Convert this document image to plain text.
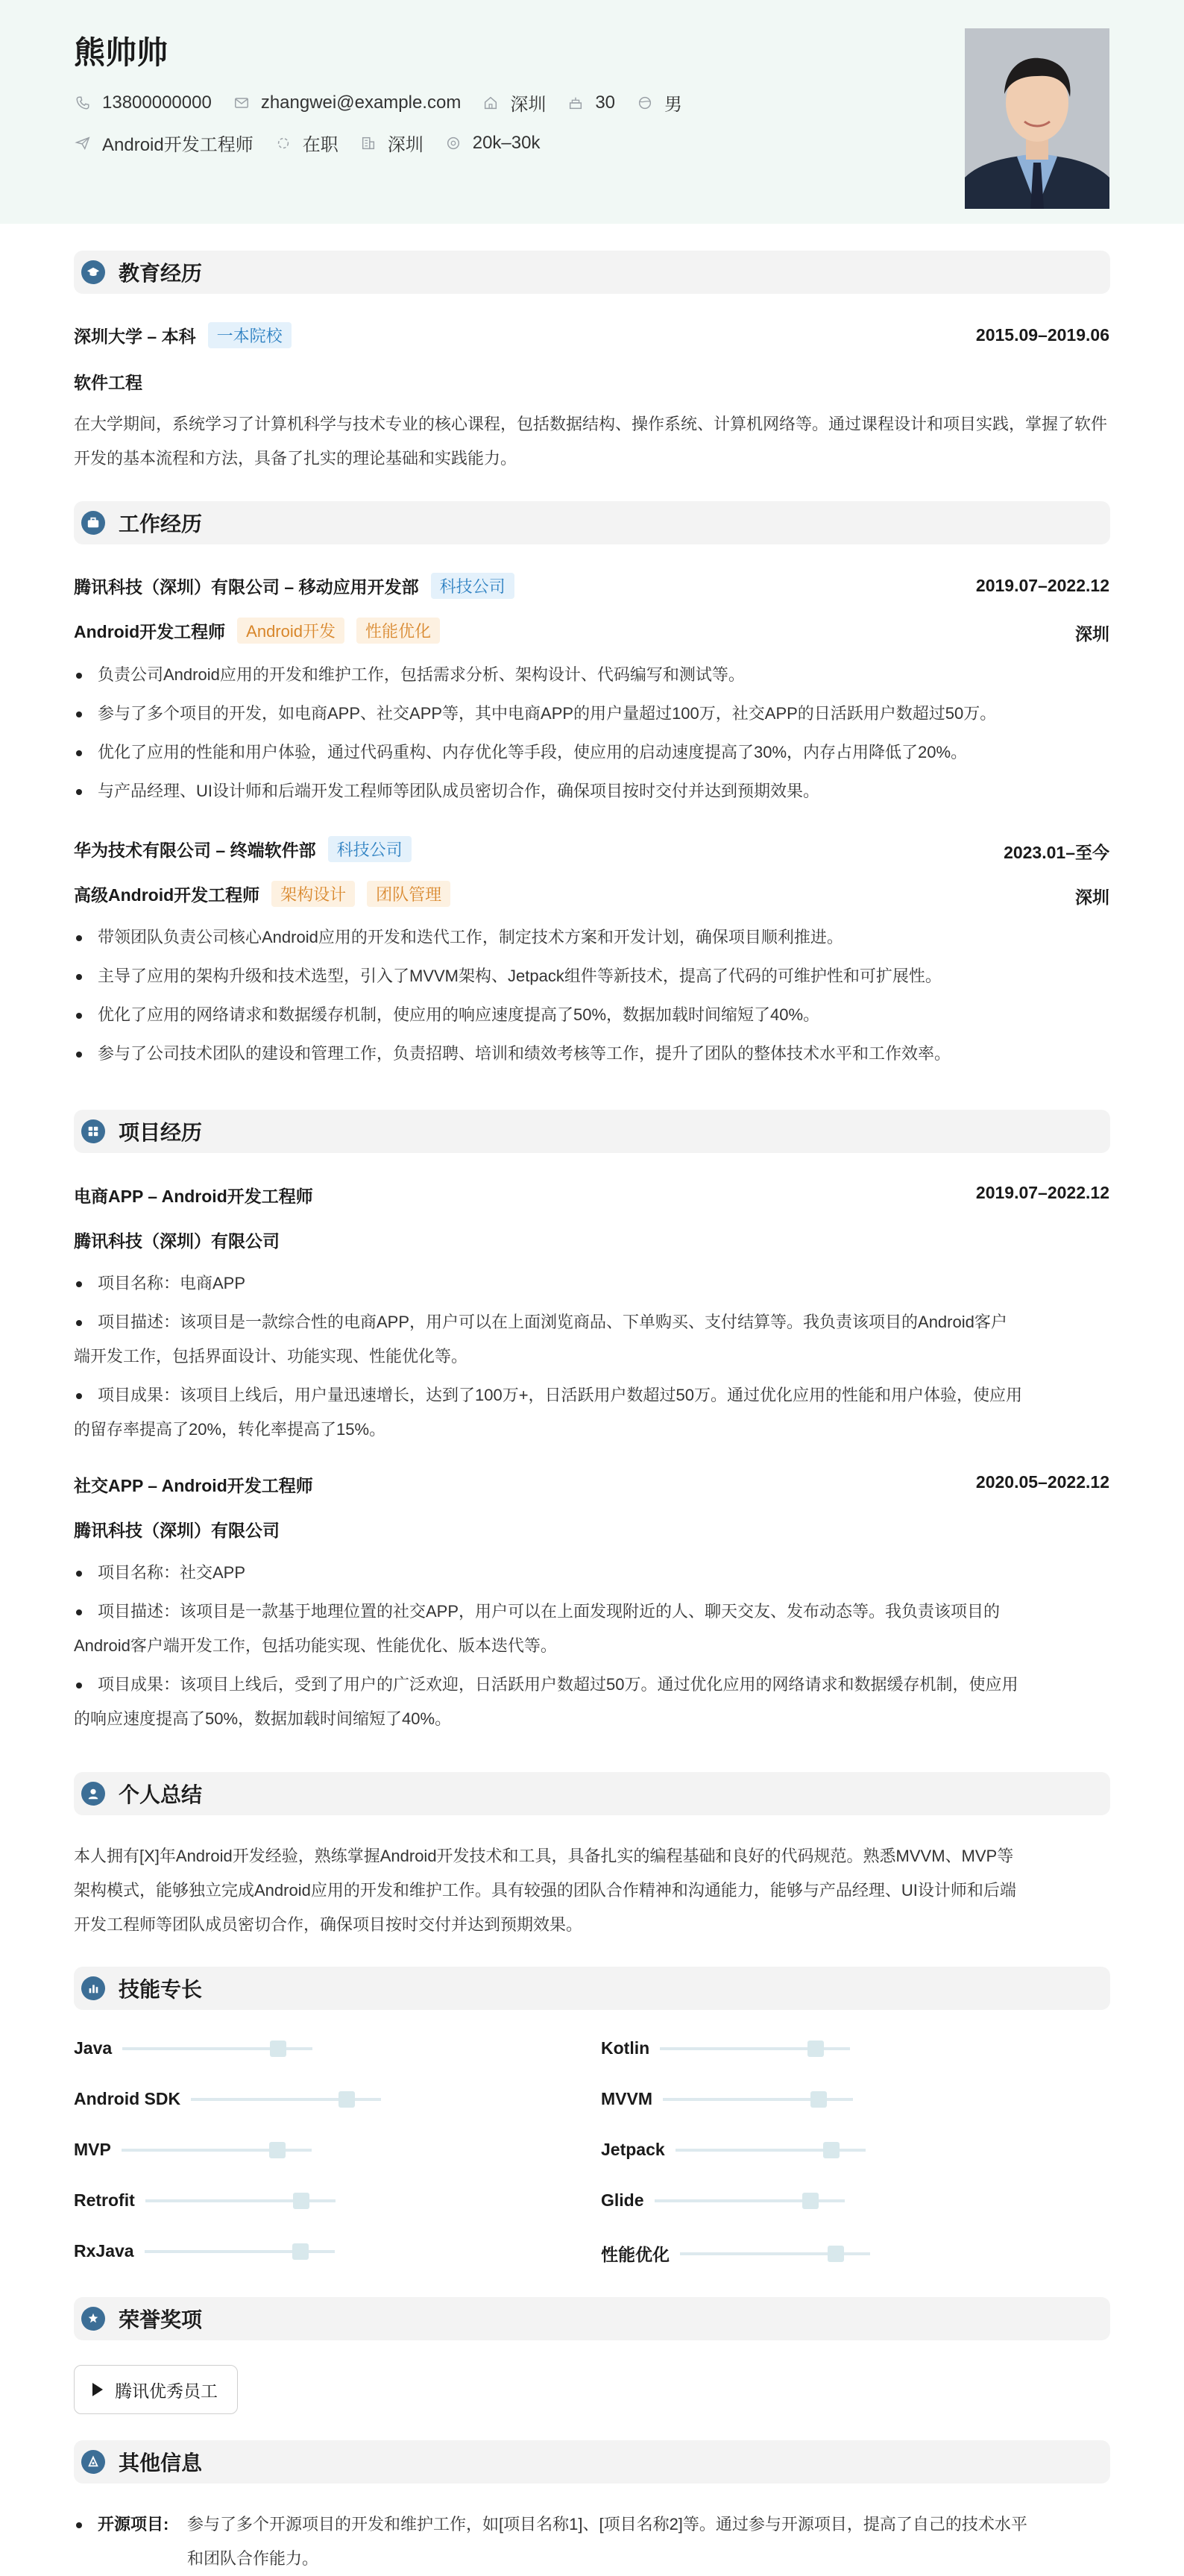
熊帅帅
13800000000	zhangwei@example.com	深圳	30	男
Android开发工程师	在职	深圳	20k–30k
教育经历
深圳大学 – 本科	一本院校	2015.09–2019.06
软件工程
在大学期间，系统学习了计算机科学与技术专业的核心课程，包括数据结构、操作系统、计算机网络等。通过课程设计和项目实践，掌握了软件开发的基本流程和方法，具备了扎实的理论基础和实践能力。
工作经历
腾讯科技（深圳）有限公司 – 移动应用开发部	科技公司	2019.07–2022.12
Android开发工程师	Android开发	性能优化	深圳
负责公司Android应用的开发和维护工作，包括需求分析、架构设计、代码编写和测试等。
参与了多个项目的开发，如电商APP、社交APP等，其中电商APP的用户量超过100万，社交APP的日活跃用户数超过50万。
优化了应用的性能和用户体验，通过代码重构、内存优化等手段，使应用的启动速度提高了30%，内存占用降低了20%。
与产品经理、UI设计师和后端开发工程师等团队成员密切合作，确保项目按时交付并达到预期效果。
华为技术有限公司 – 终端软件部	科技公司	2023.01–至今
高级Android开发工程师	架构设计	团队管理	深圳
带领团队负责公司核心Android应用的开发和迭代工作，制定技术方案和开发计划，确保项目顺利推进。
主导了应用的架构升级和技术选型，引入了MVVM架构、Jetpack组件等新技术，提高了代码的可维护性和可扩展性。
优化了应用的网络请求和数据缓存机制，使应用的响应速度提高了50%，数据加载时间缩短了40%。
参与了公司技术团队的建设和管理工作，负责招聘、培训和绩效考核等工作，提升了团队的整体技术水平和工作效率。
项目经历
电商APP – Android开发工程师	2019.07–2022.12
腾讯科技（深圳）有限公司
项目名称：电商APP
项目描述：该项目是一款综合性的电商APP，用户可以在上面浏览商品、下单购买、支付结算等。我负责该项目的Android客户
端开发工作，包括界面设计、功能实现、性能优化等。
项目成果：该项目上线后，用户量迅速增长，达到了100万+，日活跃用户数超过50万。通过优化应用的性能和用户体验，使应用
的留存率提高了20%，转化率提高了15%。
社交APP – Android开发工程师	2020.05–2022.12
腾讯科技（深圳）有限公司
项目名称：社交APP
项目描述：该项目是一款基于地理位置的社交APP，用户可以在上面发现附近的人、聊天交友、发布动态等。我负责该项目的
Android客户端开发工作，包括功能实现、性能优化、版本迭代等。
项目成果：该项目上线后，受到了用户的广泛欢迎，日活跃用户数超过50万。通过优化应用的网络请求和数据缓存机制，使应用
的响应速度提高了50%，数据加载时间缩短了40%。
个人总结
本人拥有[X]年Android开发经验，熟练掌握Android开发技术和工具，具备扎实的编程基础和良好的代码规范。熟悉MVVM、MVP等
架构模式，能够独立完成Android应用的开发和维护工作。具有较强的团队合作精神和沟通能力，能够与产品经理、UI设计师和后端
开发工程师等团队成员密切合作，确保项目按时交付并达到预期效果。
技能专长
Java	Kotlin
Android SDK	MVVM
MVP	Jetpack
Retrofit	Glide
RxJava	性能优化
荣誉奖项
腾讯优秀员工
其他信息
开源项目: 参与了多个开源项目的开发和维护工作，如[项目名称1]、[项目名称2]等。通过参与开源项目，提高了自己的技术水平
和团队合作能力。
